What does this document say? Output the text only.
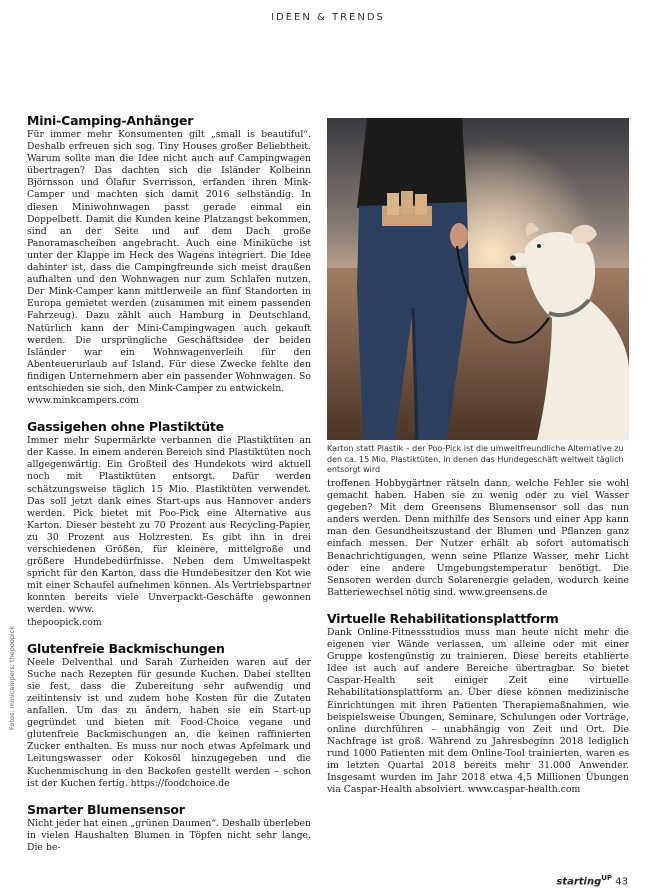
IDEEN & TRENDS
Mini-Camping-Anhänger

Für immer mehr Konsumenten gilt „small is beautiful“. Deshalb erfreuen sich sog. Tiny Houses großer Beliebtheit. Warum sollte man die Idee nicht auch auf Campingwagen übertragen? Das dachten sich die Isländer Kolbeinn Björnsson und Ólafur Sverrisson, erfanden ihren Mink-Camper und machten sich damit 2016 selbständig. In diesen Miniwohnwagen passt gerade einmal ein Doppelbett. Damit die Kunden keine Platzangst bekommen, sind an der Seite und auf dem Dach große Panoramascheiben angebracht. Auch eine Miniküche ist unter der Klappe im Heck des Wagens integriert. Die Idee dahinter ist, dass die Campingfreunde sich meist draußen aufhalten und den Wohnwagen nur zum Schlafen nutzen. Der Mink-Camper kann mittlerweile an fünf Standorten in Europa gemietet werden (zusammen mit einem passenden Fahrzeug). Dazu zählt auch Hamburg in Deutschland. Natürlich kann der Mini-Campingwagen auch gekauft werden. Die ursprüngliche Geschäftsidee der beiden Isländer war ein Wohnwagenverleih für den Abenteuerurlaub auf Island. Für diese Zwecke fehlte den findigen Unternehmern aber ein passender Wohnwagen. So entschieden sie sich, den Mink-Camper zu entwickeln.
www.minkcampers.com

Gassigehen ohne Plastiktüte

Immer mehr Supermärkte verbannen die Plastiktüten an der Kasse. In einem anderen Bereich sind Plastiktüten noch allgegenwärtig. Ein Großteil des Hundekots wird aktuell noch mit Plastiktüten entsorgt. Dafür werden schätzungsweise täglich 15 Mio. Plastiktüten verwendet. Das soll jetzt dank eines Start-ups aus Hannover anders werden. Pick bietet mit Poo-Pick eine Alternative aus Karton. Dieser besteht zu 70 Prozent aus Recycling-Papier, zu 30 Prozent aus Holzresten. Es gibt ihn in drei verschiedenen Größen, für kleinere, mittelgroße und größere Hundebedürfnisse. Neben dem Umweltaspekt spricht für den Karton, dass die Hundebesitzer den Kot wie mit einer Schaufel aufnehmen können. Als Vertriebspartner konnten bereits viele Unverpackt-Geschäfte gewonnen werden. www.
thepoopick.com

Glutenfreie Backmischungen

Neele Delventhal und Sarah Zurheiden waren auf der Suche nach Rezepten für gesunde Kuchen. Dabei stellten sie fest, dass die Zubereitung sehr aufwendig und zeitintensiv ist und zudem hohe Kosten für die Zutaten anfallen. Um das zu ändern, haben sie ein Start-up gegründet und bieten mit Food-Choice vegane und glutenfreie Backmischungen an, die keinen raffinierten Zucker enthalten. Es muss nur noch etwas Apfelmark und Leitungswasser oder Kokosöl hinzugegeben und die Kuchenmischung in den Backofen gestellt werden – schon ist der Kuchen fertig. https://foodchoice.de

Smarter Blumensensor

Nicht jeder hat einen „grünen Daumen“. Deshalb überleben in vielen Haushalten Blumen in Töpfen nicht sehr lange. Die be-

Karton statt Plastik – der Poo-Pick ist die umweltfreundliche Alternative zu den ca. 15 Mio. Plastiktüten, in denen das Hundegeschäft weltweit täglich entsorgt wird

troffenen Hobbygärtner rätseln dann, welche Fehler sie wohl gemacht haben. Haben sie zu wenig oder zu viel Wasser gegeben? Mit dem Greensens Blumensensor soll das nun anders werden. Denn mithilfe des Sensors und einer App kann man den Gesundheitszustand der Blumen und Pflanzen ganz einfach messen. Der Nutzer erhält ab sofort automatisch Benachrichtigungen, wenn seine Pflanze Wasser, mehr Licht oder eine andere Umgebungstemperatur benötigt. Die Sensoren werden durch Solarenergie geladen, wodurch keine Batteriewechsel nötig sind. www.greensens.de

Virtuelle Rehabilitationsplattform

Dank Online-Fitnessstudios muss man heute nicht mehr die eigenen vier Wände verlassen, um alleine oder mit einer Gruppe kostengünstig zu trainieren. Diese bereits etablierte Idee ist auch auf andere Bereiche übertragbar. So bietet Caspar-Health seit einiger Zeit eine virtuelle Rehabilitationsplattform an. Über diese können medizinische Einrichtungen mit ihren Patienten Therapiemaßnahmen, wie beispielsweise Übungen, Seminare, Schulungen oder Vorträge, online durchführen – unabhängig von Zeit und Ort. Die Nachfrage ist groß. Während zu Jahresbeginn 2018 lediglich rund 1000 Patienten mit dem Online-Tool trainierten, waren es im letzten Quartal 2018 bereits mehr 31.000 Anwender. Insgesamt wurden im Jahr 2018 etwa 4,5 Millionen Übungen via Caspar-Health absolviert. www.caspar-health.com

Fotos: minicampers; thepoopick
starting$^{UP}$ 43
